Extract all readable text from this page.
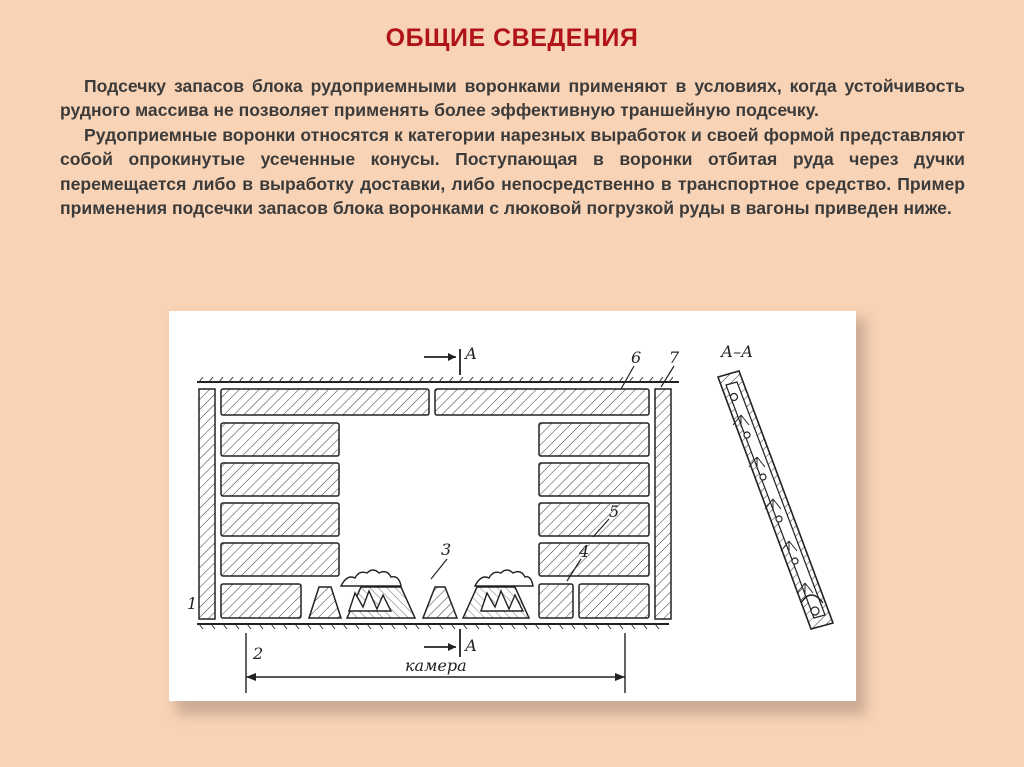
ОБЩИЕ СВЕДЕНИЯ

Подсечку запасов блока рудоприемными воронками применяют в условиях, когда устойчивость рудного массива не позволяет применять более эффективную траншейную подсечку.

Рудоприемные воронки относятся к категории нарезных выработок и своей формой представляют собой опрокинутые усеченные конусы. Поступающая в воронки отбитая руда через дучки перемещается либо в выработку доставки, либо непосредственно в транспортное средство. Пример применения подсечки запасов блока воронками с люковой погрузкой руды в вагоны приведен ниже.

А
А
камера
1
2
3	4
5
6 7	А–А
